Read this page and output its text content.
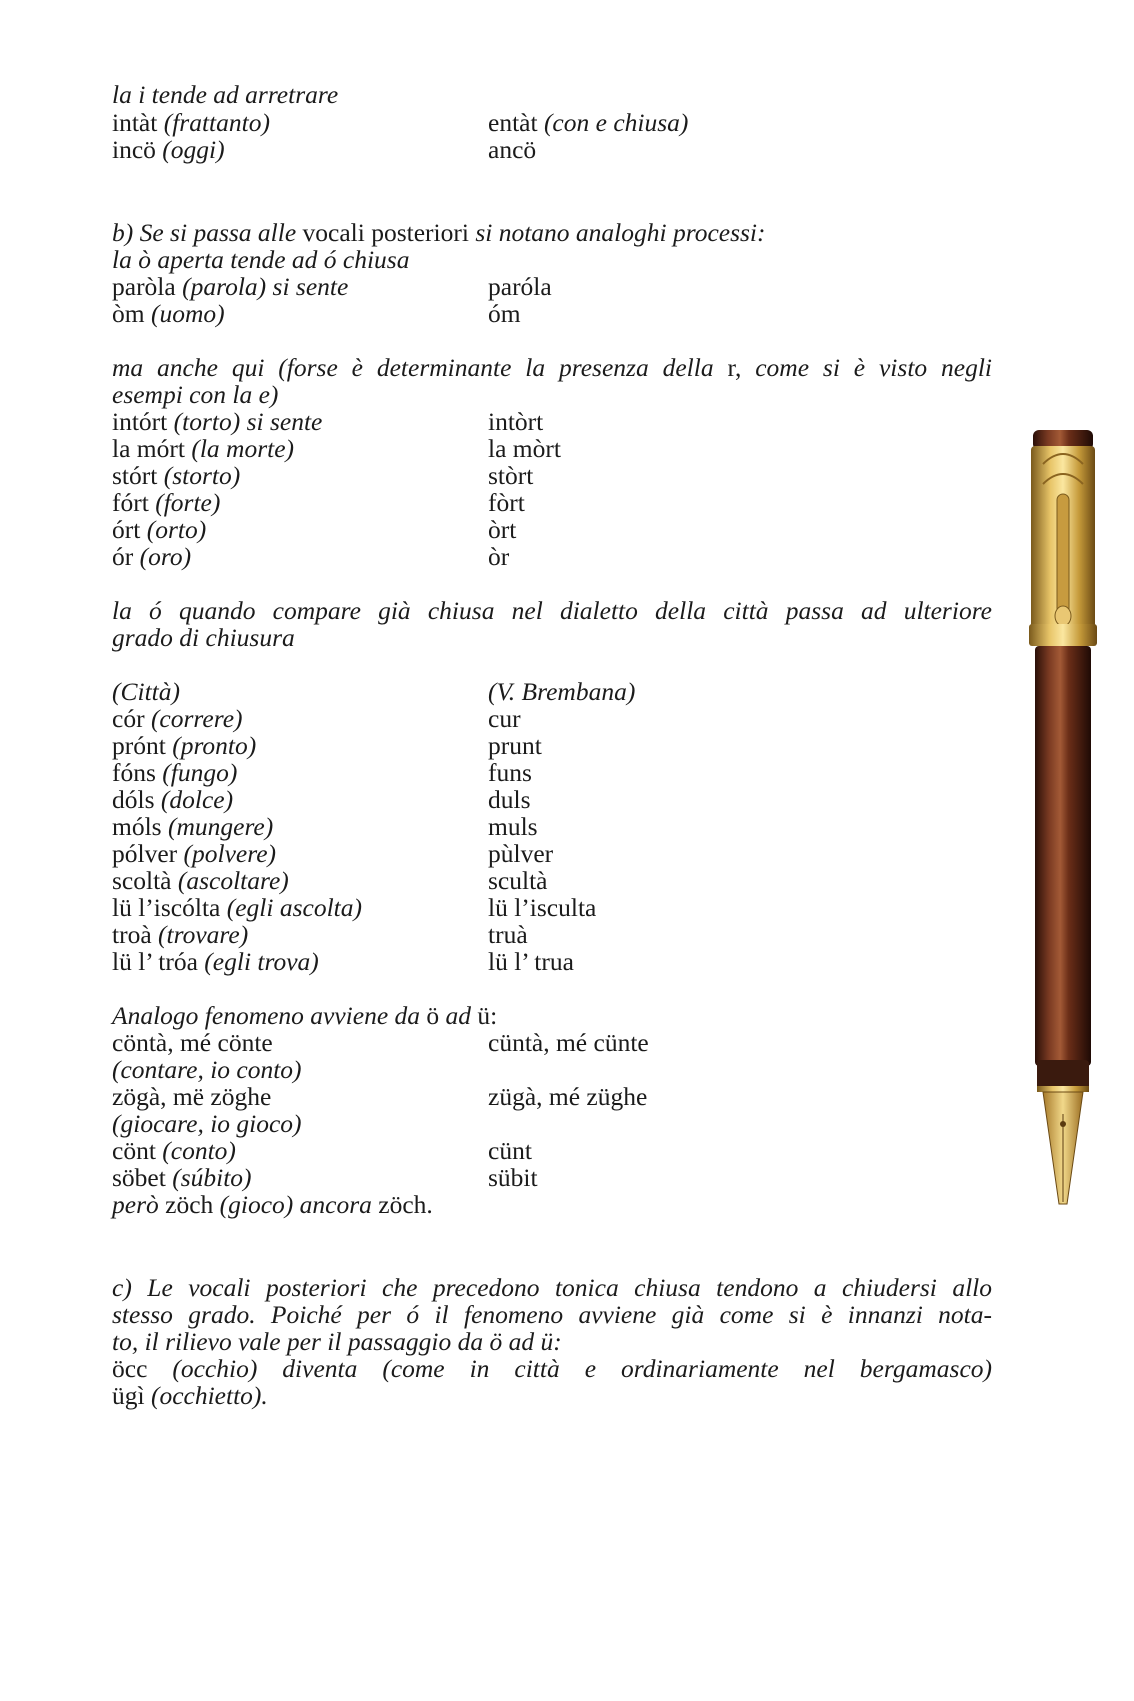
la i tende ad arretrare
intàt (frattanto)	entàt (con e chiusa)
incö (oggi)	ancö
b) Se si passa alle vocali posteriori si notano analoghi processi:
la ò aperta tende ad ó chiusa
paròla (parola) si sente	paróla
òm (uomo)	óm
ma anche qui (forse è determinante la presenza della r, come si è visto negli
esempi con la e)
intórt (torto) si sente	intòrt
la mórt (la morte)	la mòrt
stórt (storto)	stòrt
fórt (forte)	fòrt
órt (orto)	òrt
ór (oro)	òr
la ó quando compare già chiusa nel dialetto della città passa ad ulteriore
grado di chiusura
(Città)	(V. Brembana)
cór (correre)	cur
prónt (pronto)	prunt
fóns (fungo)	funs
dóls (dolce)	duls
móls (mungere)	muls
pólver (polvere)	pùlver
scoltà (ascoltare)	scultà
lü l’iscólta (egli ascolta)	lü l’isculta
troà (trovare)	truà
lü l’ tróa (egli trova)	lü l’ trua
Analogo fenomeno avviene da ö ad ü:
cöntà, mé cönte	cüntà, mé cünte
(contare, io conto)
zögà, më zöghe	zügà, mé züghe
(giocare, io gioco)
cönt (conto)	cünt
söbet (súbito)	sübit
però zöch (gioco) ancora zöch.
c) Le vocali posteriori che precedono tonica chiusa tendono a chiudersi allo
stesso grado. Poiché per ó il fenomeno avviene già come si è innanzi nota-
to, il rilievo vale per il passaggio da ö ad ü:
öcc (occhio) diventa (come in città e ordinariamente nel bergamasco)
ügì (occhietto).
